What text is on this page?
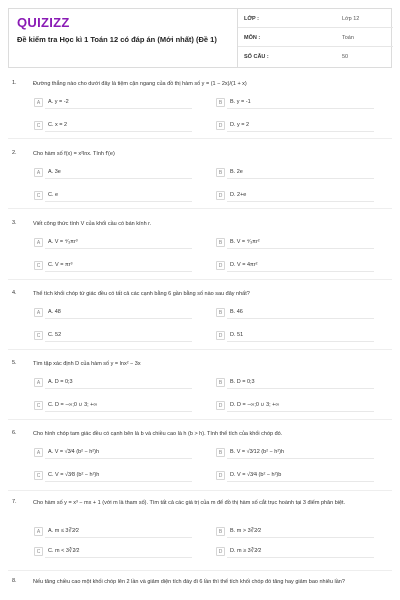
QUIZIZZ
Đề kiểm tra Học kì 1 Toán 12 có đáp án (Mới nhất) (Đề 1)
LỚP :	Lớp 12
MÔN :	Toán
SỐ CÂU :	50
1.	Đường thẳng nào cho dưới đây là tiệm cận ngang của đồ thị hàm số y = (1 − 2x)/(1 + x)
A	A. y = -2	B	B. y = -1
C	C. x = 2	D	D. y = 2
2.	Cho hàm số f(x) = x²lnx. Tính f′(e)
A	A. 3e	B	B. 2e
C	C. e	D	D. 2+e
3.	Viết công thức tính V của khối cầu có bán kính r.
A	A. V = ⁴⁄₃πr³	B	B. V = ⁴⁄₃πr²
C	C. V = πr³	D	D. V = 4πr²
4.	Thể tích khối chóp tứ giác đều có tất cả các cạnh bằng 6 gần bằng số nào sau đây nhất?
A	A. 48	B	B. 46
C	C. 52	D	D. 51
5.	Tìm tập xác định D của hàm số y = lnx² − 3x
A	A. D = 0;3	B	B. D = 0;3
C	C. D = −∞;0 ∪ 3; +∞	D	D. D = −∞;0 ∪ 3; +∞
6.	Cho hình chóp tam giác đều có cạnh bên là b và chiều cao là h (b > h). Tính thể tích của khối chóp đó.
A	A. V = √3⁄4 (b² − h²)h	B	B. V = √3⁄12 (b² − h²)h
C	C. V = √3⁄8 (b² − h²)h	D	D. V = √3⁄4 (b² − h²)b
7.	Cho hàm số y = x³ − mx + 1 (với m là tham số). Tìm tất cả các giá trị của m để đồ thị hàm số cắt trục hoành tại 3 điểm phân biệt.
A	A. m ≤ 3∛2⁄2	B	B. m > 3∛2⁄2
C	C. m < 3∛2⁄2	D	D. m ≥ 3∛2⁄2
8.	Nếu tăng chiều cao một khối chóp lên 2 lần và giảm diện tích đáy đi 6 lần thì thể tích khối chóp đó tăng hay giảm bao nhiêu lần?
